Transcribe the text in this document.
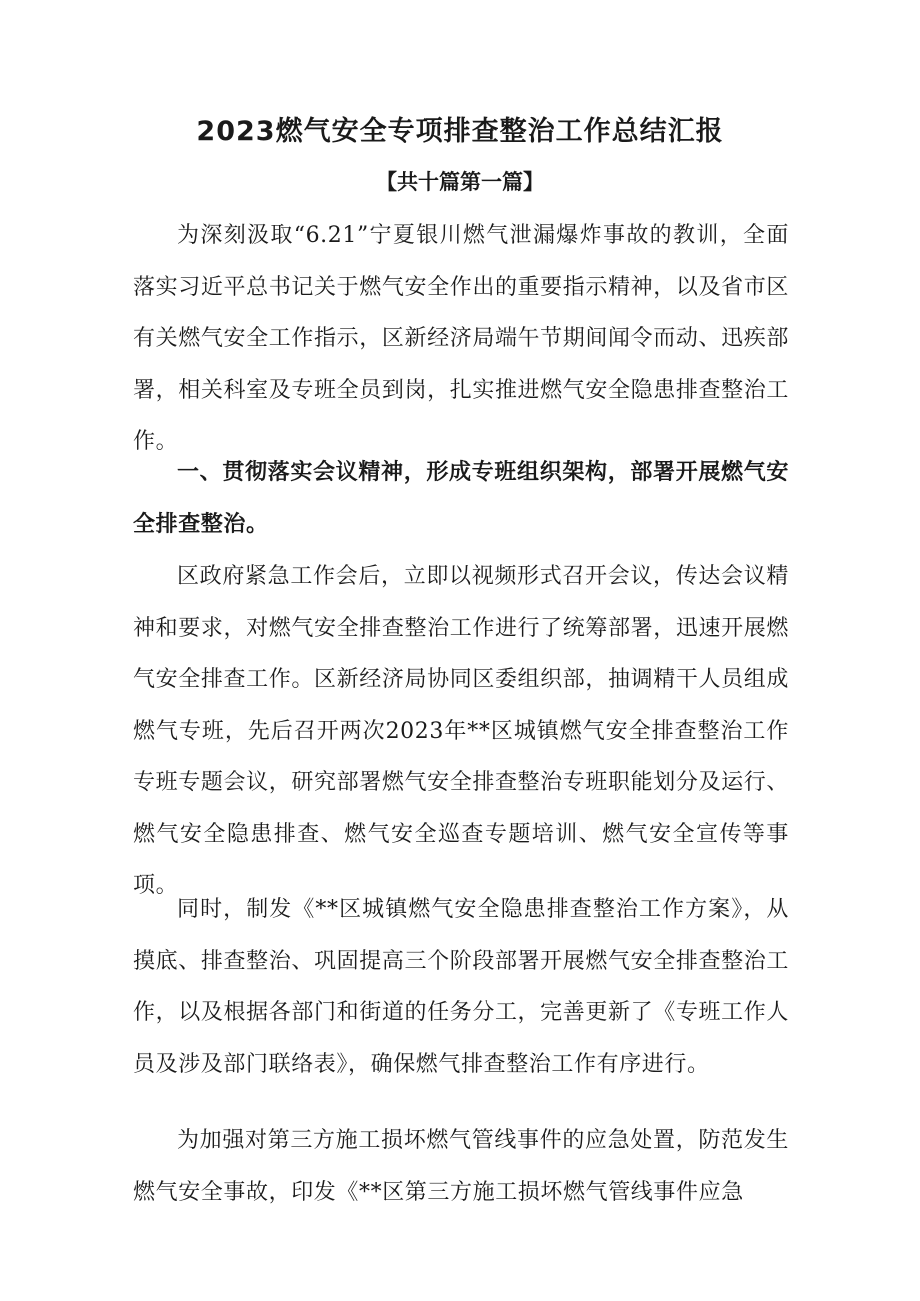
2023燃气安全专项排查整治工作总结汇报
【共十篇第一篇】

为深刻汲取“6.21”宁夏银川燃气泄漏爆炸事故的教训，全面落实习近平总书记关于燃气安全作出的重要指示精神，以及省市区有关燃气安全工作指示，区新经济局端午节期间闻令而动、迅疾部署，相关科室及专班全员到岗，扎实推进燃气安全隐患排查整治工作。

一、贯彻落实会议精神，形成专班组织架构，部署开展燃气安全排查整治。

区政府紧急工作会后，立即以视频形式召开会议，传达会议精神和要求，对燃气安全排查整治工作进行了统筹部署，迅速开展燃气安全排查工作。区新经济局协同区委组织部，抽调精干人员组成燃气专班，先后召开两次2023年**区城镇燃气安全排查整治工作专班专题会议，研究部署燃气安全排查整治专班职能划分及运行、燃气安全隐患排查、燃气安全巡查专题培训、燃气安全宣传等事项。

同时，制发《**区城镇燃气安全隐患排查整治工作方案》，从摸底、排查整治、巩固提高三个阶段部署开展燃气安全排查整治工作，以及根据各部门和街道的任务分工，完善更新了《专班工作人员及涉及部门联络表》，确保燃气排查整治工作有序进行。

为加强对第三方施工损坏燃气管线事件的应急处置，防范发生燃气安全事故，印发《**区第三方施工损坏燃气管线事件应急
